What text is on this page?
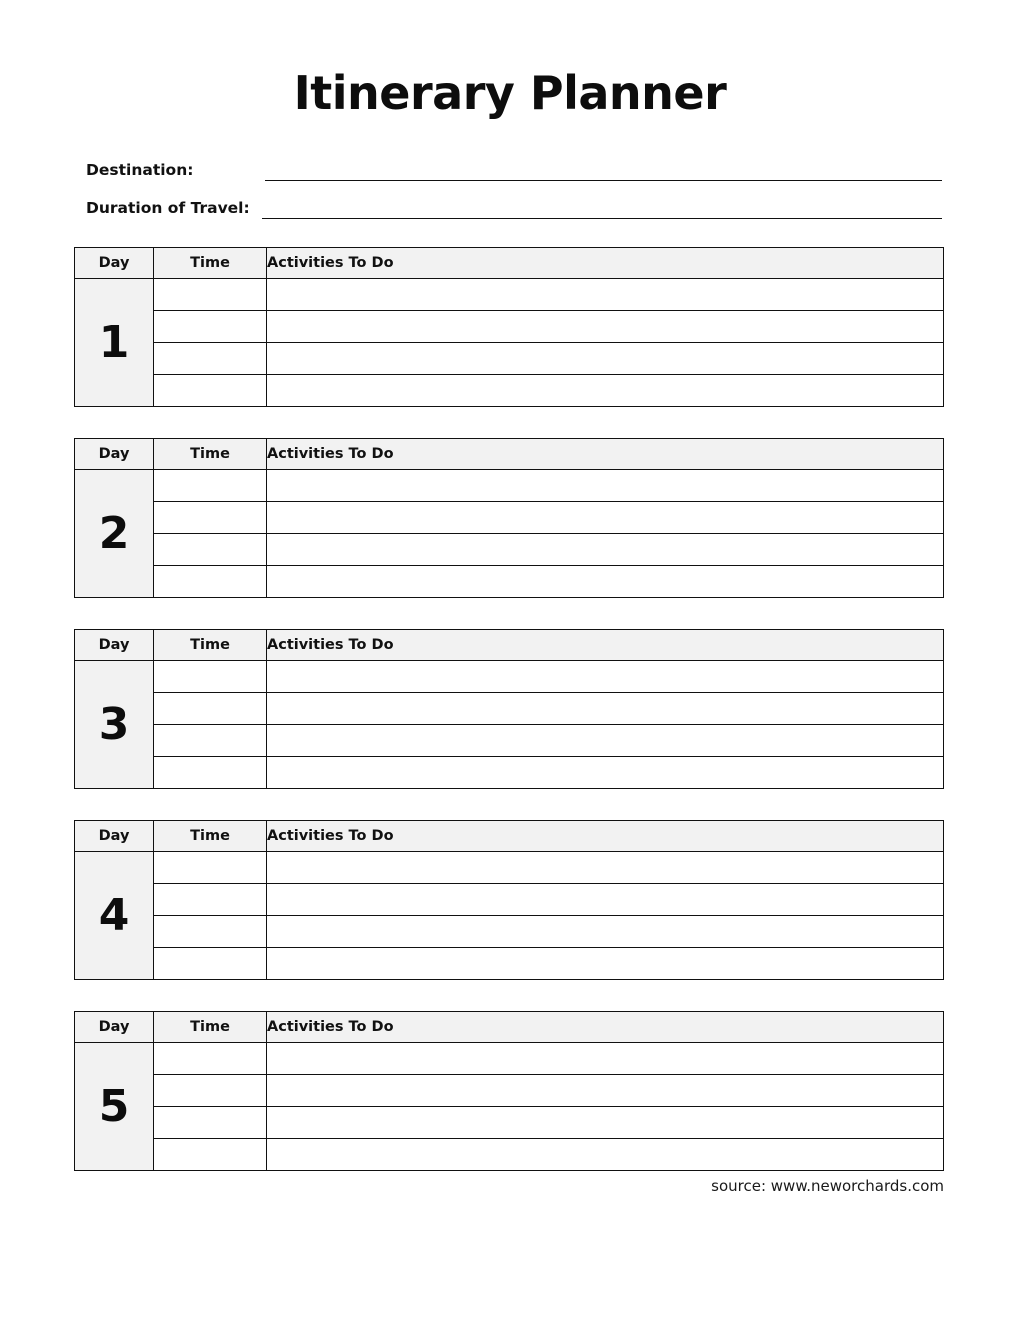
Itinerary Planner
Destination:
Duration of Travel:
Day	Time	Activities To Do
1		

Day	Time	Activities To Do
2		

Day	Time	Activities To Do
3		

Day	Time	Activities To Do
4		

Day	Time	Activities To Do
5		

source: www.neworchards.com
